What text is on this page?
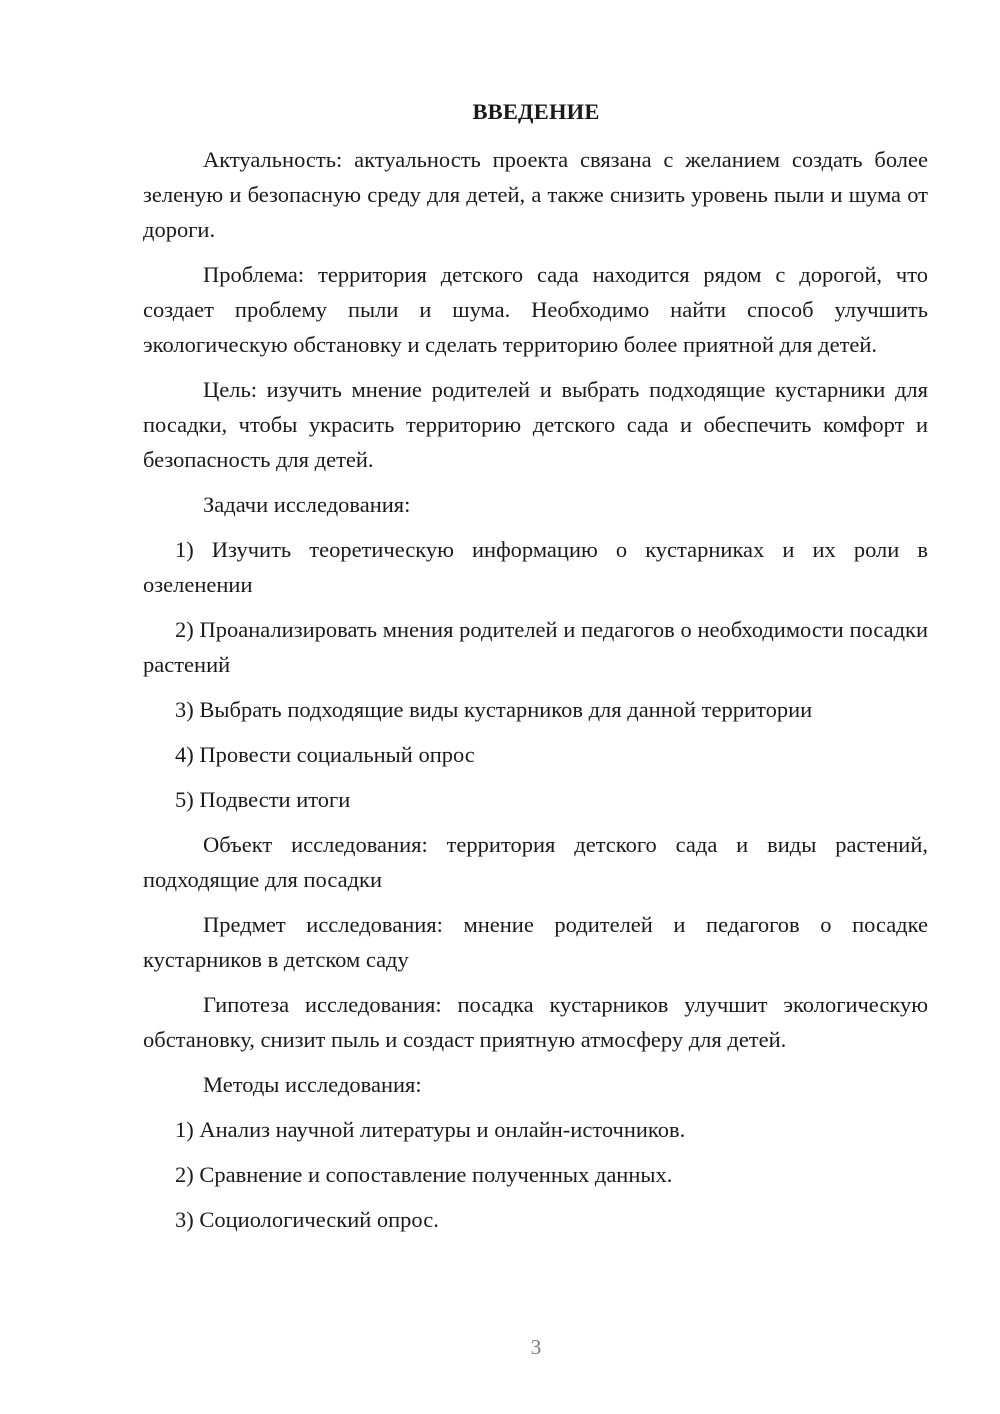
ВВЕДЕНИЕ

Актуальность: актуальность проекта связана с желанием создать более зеленую и безопасную среду для детей, а также снизить уровень пыли и шума от дороги.

Проблема: территория детского сада находится рядом с дорогой, что создает проблему пыли и шума. Необходимо найти способ улучшить экологическую обстановку и сделать территорию более приятной для детей.

Цель: изучить мнение родителей и выбрать подходящие кустарники для посадки, чтобы украсить территорию детского сада и обеспечить комфорт и безопасность для детей.

Задачи исследования:

1) Изучить теоретическую информацию о кустарниках и их роли в озеленении

2) Проанализировать мнения родителей и педагогов о необходимости посадки растений

3) Выбрать подходящие виды кустарников для данной территории

4) Провести социальный опрос

5) Подвести итоги

Объект исследования: территория детского сада и виды растений, подходящие для посадки

Предмет исследования: мнение родителей и педагогов о посадке кустарников в детском саду

Гипотеза исследования: посадка кустарников улучшит экологическую обстановку, снизит пыль и создаст приятную атмосферу для детей.

Методы исследования:

1) Анализ научной литературы и онлайн-источников.

2) Сравнение и сопоставление полученных данных.

3) Социологический опрос.

3
